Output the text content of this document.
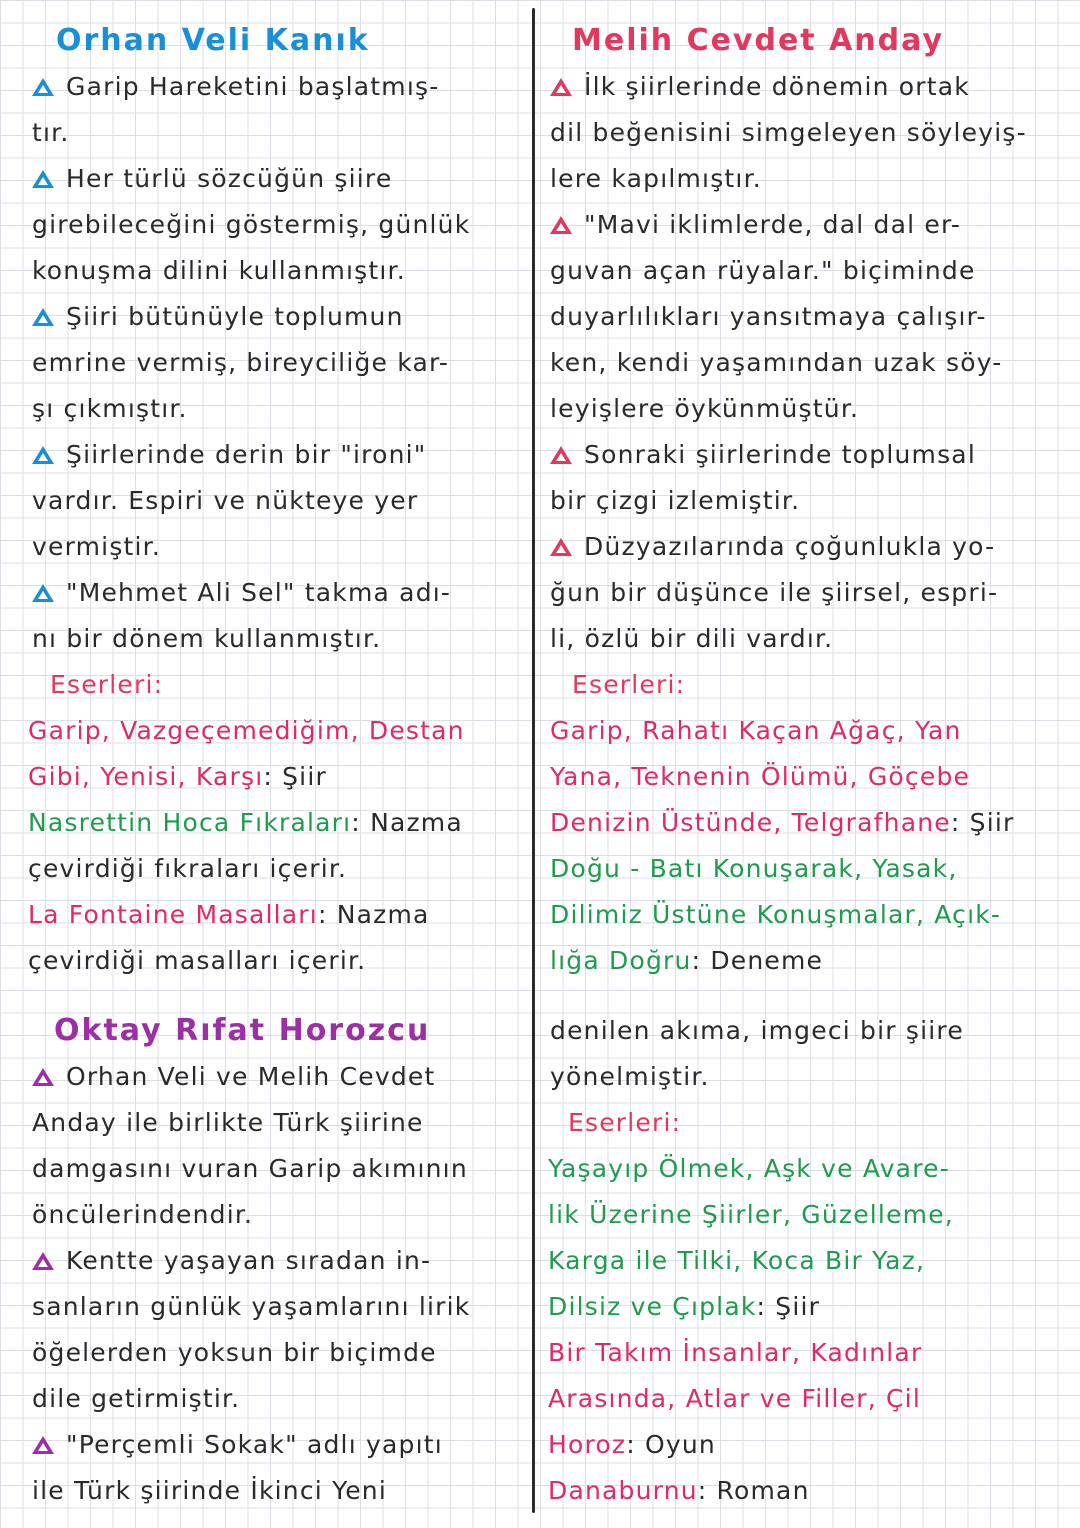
Orhan Veli Kanık
Garip Hareketini başlatmış-
tır.
Her türlü sözcüğün şiire
girebileceğini göstermiş, günlük
konuşma dilini kullanmıştır.
Şiiri bütünüyle toplumun
emrine vermiş, bireyciliğe kar-
şı çıkmıştır.
Şiirlerinde derin bir "ironi"
vardır. Espiri ve nükteye yer
vermiştir.
"Mehmet Ali Sel" takma adı-
nı bir dönem kullanmıştır.
Eserleri:
Garip, Vazgeçemediğim, Destan
Gibi, Yenisi, Karşı: Şiir
Nasrettin Hoca Fıkraları: Nazma
çevirdiği fıkraları içerir.
La Fontaine Masalları: Nazma
çevirdiği masalları içerir.
Oktay Rıfat Horozcu
Orhan Veli ve Melih Cevdet
Anday ile birlikte Türk şiirine
damgasını vuran Garip akımının
öncülerindendir.
Kentte yaşayan sıradan in-
sanların günlük yaşamlarını lirik
öğelerden yoksun bir biçimde
dile getirmiştir.
"Perçemli Sokak" adlı yapıtı
ile Türk şiirinde İkinci Yeni
Melih Cevdet Anday
İlk şiirlerinde dönemin ortak
dil beğenisini simgeleyen söyleyiş-
lere kapılmıştır.
"Mavi iklimlerde, dal dal er-
guvan açan rüyalar." biçiminde
duyarlılıkları yansıtmaya çalışır-
ken, kendi yaşamından uzak söy-
leyişlere öykünmüştür.
Sonraki şiirlerinde toplumsal
bir çizgi izlemiştir.
Düzyazılarında çoğunlukla yo-
ğun bir düşünce ile şiirsel, espri-
li, özlü bir dili vardır.
Eserleri:
Garip, Rahatı Kaçan Ağaç, Yan
Yana, Teknenin Ölümü, Göçebe
Denizin Üstünde, Telgrafhane: Şiir
Doğu - Batı Konuşarak, Yasak,
Dilimiz Üstüne Konuşmalar, Açık-
lığa Doğru: Deneme
denilen akıma, imgeci bir şiire
yönelmiştir.
Eserleri:
Yaşayıp Ölmek, Aşk ve Avare-
lik Üzerine Şiirler, Güzelleme,
Karga ile Tilki, Koca Bir Yaz,
Dilsiz ve Çıplak: Şiir
Bir Takım İnsanlar, Kadınlar
Arasında, Atlar ve Filler, Çil
Horoz: Oyun
Danaburnu: Roman
